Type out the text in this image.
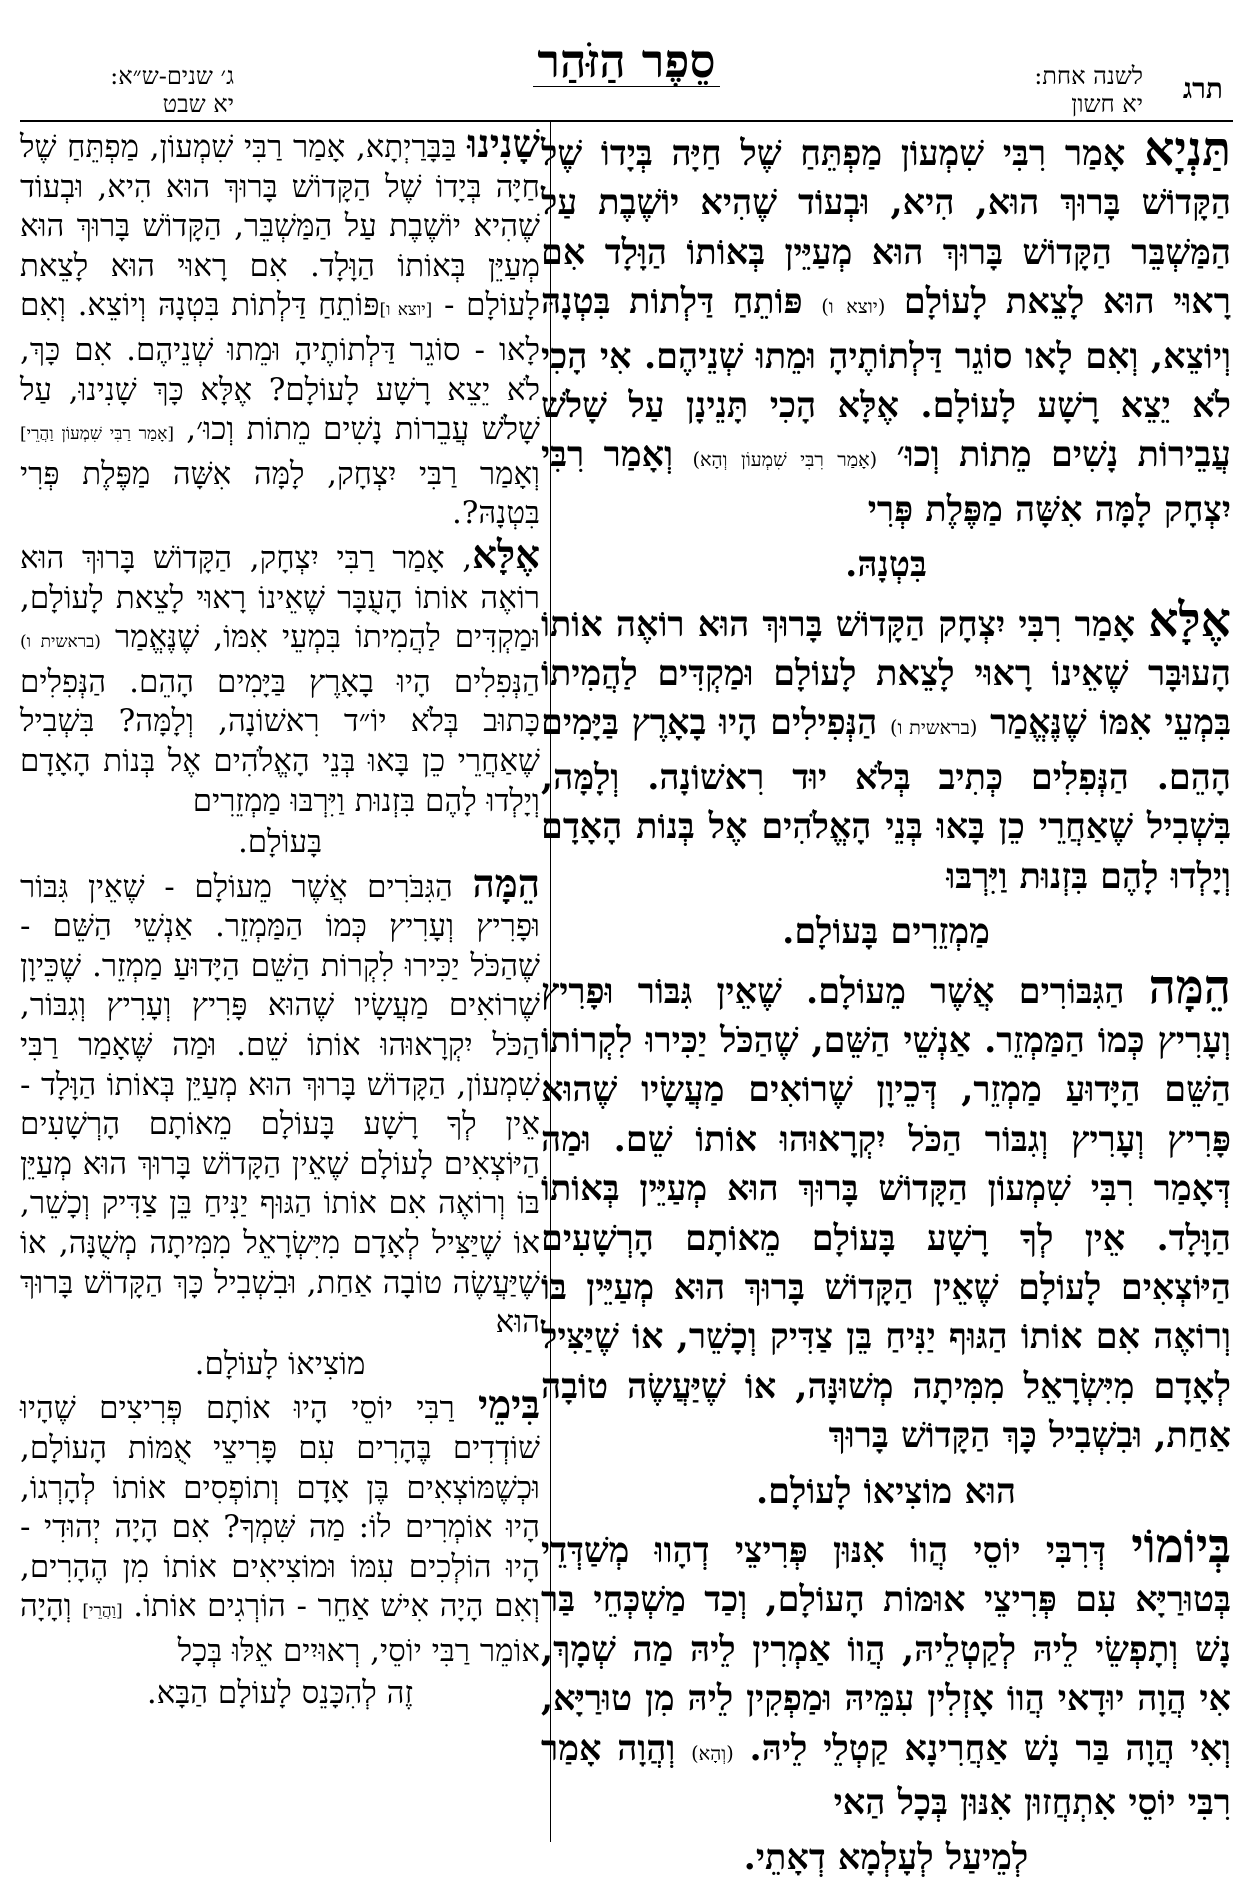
תרג
לשנה אחת:
יא חשון
סֵפֶר הַזֹּהַר
ג׳ שנים-ש״א:
יא שבט

תַּנְיָא אָמַר רִבִּי שִׁמְעוֹן מַפְתֵּחַ שֶׁל חַיָּה בְּיָדוֹ שֶׁל הַקָּדוֹשׁ בָּרוּךְ הוּא, הִיא, וּבְעוֹד שֶׁהִיא יוֹשֶׁבֶת עַל הַמַּשְׁבֵּר הַקָּדוֹשׁ בָּרוּךְ הוּא מְעַיֵּין בְּאוֹתוֹ הַוָּלָד אִם רָאוּי הוּא לָצֵאת לָעוֹלָם (יוצא ו) פּוֹתֵחַ דַּלְתוֹת בִּטְנָהּ וְיוֹצֵא, וְאִם לָאו סוֹגֵר דַּלְתוֹתֶיהָ וּמֵתוּ שְׁנֵיהֶם. אִי הָכִי לֹא יֵצֵא רָשָׁע לָעוֹלָם. אֶלָּא הָכִי תָּנֵינָן עַל שָׁלֹשׁ עֲבֵירוֹת נָשִׁים מֵתוֹת וְכוּ׳ (אָמַר רִבִּי שִׁמְעוֹן וְהָא) וְאָמַר רִבִּי יִצְחָק לָמָּה אִשָּׁה מַפֶּלֶת פְּרִי

בִּטְנָהּ.

אֶלָּא אָמַר רִבִּי יִצְחָק הַקָּדוֹשׁ בָּרוּךְ הוּא רוֹאֶה אוֹתוֹ הָעוּבָּר שֶׁאֵינוֹ רָאוּי לָצֵאת לָעוֹלָם וּמַקְדִּים לַהֲמִיתוֹ בִּמְעֵי אִמּוֹ שֶׁנֶּאֱמַר (בראשית ו) הַנְּפִילִים הָיוּ בָאָרֶץ בַּיָּמִים הָהֵם. הַנְּפִלִים כְּתִיב בְּלֹא יוּד רִאשׁוֹנָה. וְלָמָּה, בִּשְׁבִיל שֶׁאַחֲרֵי כֵן בָּאוּ בְּנֵי הָאֱלֹהִים אֶל בְּנוֹת הָאָדָם וְיָלְדוּ לָהֶם בִּזְנוּת וַיִּרְבּוּ

מַמְזֵרִים בָּעוֹלָם.

הֵמָּה הַגִּבּוֹרִים אֲשֶׁר מֵעוֹלָם. שֶׁאֵין גִּבּוֹר וּפָרִיץ וְעָרִיץ כְּמוֹ הַמַּמְזֵר. אַנְשֵׁי הַשֵּׁם, שֶׁהַכֹּל יַכִּירוּ לִקְרוֹתוֹ הַשֵּׁם הַיָּדוּעַ מַמְזֵר, דְּכֵיוָן שֶׁרוֹאִים מַעֲשָׂיו שֶׁהוּא פָּרִיץ וְעָרִיץ וְגִבּוֹר הַכֹּל יִקְרָאוּהוּ אוֹתוֹ שֵׁם. וּמַה דְּאָמַר רִבִּי שִׁמְעוֹן הַקָּדוֹשׁ בָּרוּךְ הוּא מְעַיֵּין בְּאוֹתוֹ הַוָּלָד. אֵין לְךָ רָשָׁע בָּעוֹלָם מֵאוֹתָם הָרְשָׁעִים הַיּוֹצְאִים לָעוֹלָם שֶׁאֵין הַקָּדוֹשׁ בָּרוּךְ הוּא מְעַיֵּין בּוֹ וְרוֹאֶה אִם אוֹתוֹ הַגּוּף יַנִּיחַ בֵּן צַדִּיק וְכָשֵׁר, אוֹ שֶׁיַּצִּיל לְאָדָם מִיִּשְׂרָאֵל מִמִּיתָה מְשׁוּנָּה, אוֹ שֶׁיַּעֲשֶׂה טוֹבָה אַחַת, וּבִשְׁבִיל כָּךְ הַקָּדוֹשׁ בָּרוּךְ

הוּא מוֹצִיאוֹ לָעוֹלָם.

בְּיוֹמוֹי דְּרִבִּי יוֹסֵי הֲווֹ אִנּוּן פְּרִיצֵי דְהָווּ מְשַׁדְּדֵי בְּטוּרַיָּא עִם פְּרִיצֵי אוּמּוֹת הָעוֹלָם, וְכַד מַשְׁכְּחֵי בַּר נָשׁ וְתָפְשֵׂי לֵיהּ לְקַטְלֵיהּ, הֲווֹ אַמְרִין לֵיהּ מַה שְׁמָךְ, אִי הֲוָה יוּדָאי הֲווֹ אָזְלִין עִמֵּיהּ וּמַפְקִין לֵיהּ מִן טוּרַיָּא, וְאִי הֲוָה בַּר נָשׁ אַחֲרִינָא קַטְלֵי לֵיהּ. (וְהָא) וְהֲוָה אָמַר רִבִּי יוֹסֵי אִתְחֲזוּן אִנּוּן בְּכָל הַאי

לְמֵיעַל לְעָלְמָא דְאָתֵי.

שָׁנִינוּ בַּבָּרַיְתָא, אָמַר רַבִּי שִׁמְעוֹן, מַפְתֵּחַ שֶׁל חַיָּה בְּיָדוֹ שֶׁל הַקָּדוֹשׁ בָּרוּךְ הוּא הִיא, וּבְעוֹד שֶׁהִיא יוֹשֶׁבֶת עַל הַמַּשְׁבֵּר, הַקָּדוֹשׁ בָּרוּךְ הוּא מְעַיֵּן בְּאוֹתוֹ הַוָּלָד. אִם רָאוּי הוּא לָצֵאת לָעוֹלָם - [יוצא ו]פּוֹתֵחַ דַּלְתוֹת בִּטְנָהּ וְיוֹצֵא. וְאִם לָאו - סוֹגֵר דַּלְתוֹתֶיהָ וּמֵתוּ שְׁנֵיהֶם. אִם כָּךְ, לֹא יֵצֵא רָשָׁע לָעוֹלָם? אֶלָּא כָּךְ שָׁנִינוּ, עַל שָׁלֹשׁ עֲבֵרוֹת נָשִׁים מֵתוֹת וְכוּ׳, [אָמַר רַבִּי שִׁמְעוֹן וַהֲרֵי] וְאָמַר רַבִּי יִצְחָק, לָמָּה אִשָּׁה מַפֶּלֶת פְּרִי בִּטְנָהּ?.

אֶלָּא, אָמַר רַבִּי יִצְחָק, הַקָּדוֹשׁ בָּרוּךְ הוּא רוֹאֶה אוֹתוֹ הָעֻבָּר שֶׁאֵינוֹ רָאוּי לָצֵאת לָעוֹלָם, וּמַקְדִּים לַהֲמִיתוֹ בִּמְעֵי אִמּוֹ, שֶׁנֶּאֱמַר (בראשית ו) הַנְּפִלִים הָיוּ בָאָרֶץ בַּיָּמִים הָהֵם. הַנְּפִלִים כָּתוּב בְּלֹא יוֹ״ד רִאשׁוֹנָה, וְלָמָּה? בִּשְׁבִיל שֶׁאַחֲרֵי כֵן בָּאוּ בְּנֵי הָאֱלֹהִים אֶל בְּנוֹת הָאָדָם וְיָלְדוּ לָהֶם בִּזְנוּת וַיִּרְבּוּ מַמְזֵרִים

בָּעוֹלָם.

הֵמָּה הַגִּבֹּרִים אֲשֶׁר מֵעוֹלָם - שֶׁאֵין גִּבּוֹר וּפָרִיץ וְעָרִיץ כְּמוֹ הַמַּמְזֵר. אַנְשֵׁי הַשֵּׁם - שֶׁהַכֹּל יַכִּירוּ לִקְרוֹת הַשֵּׁם הַיָּדוּעַ מַמְזֵר. שֶׁכֵּיוָן שֶׁרוֹאִים מַעֲשָׂיו שֶׁהוּא פָּרִיץ וְעָרִיץ וְגִבּוֹר, הַכֹּל יִקְרָאוּהוּ אוֹתוֹ שֵׁם. וּמַה שֶּׁאָמַר רַבִּי שִׁמְעוֹן, הַקָּדוֹשׁ בָּרוּךְ הוּא מְעַיֵּן בְּאוֹתוֹ הַוָּלָד - אֵין לְךָ רָשָׁע בָּעוֹלָם מֵאוֹתָם הָרְשָׁעִים הַיּוֹצְאִים לָעוֹלָם שֶׁאֵין הַקָּדוֹשׁ בָּרוּךְ הוּא מְעַיֵּן בּוֹ וְרוֹאֶה אִם אוֹתוֹ הַגּוּף יַנִּיחַ בֵּן צַדִּיק וְכָשֵׁר, אוֹ שֶׁיַּצִּיל לְאָדָם מִיִּשְׂרָאֵל מִמִּיתָה מְשֻׁנָּה, אוֹ שֶׁיַּעֲשֶׂה טוֹבָה אַחַת, וּבִשְׁבִיל כָּךְ הַקָּדוֹשׁ בָּרוּךְ הוּא

מוֹצִיאוֹ לָעוֹלָם.

בִּימֵי רַבִּי יוֹסֵי הָיוּ אוֹתָם פְּרִיצִים שֶׁהָיוּ שׁוֹדְדִים בֶּהָרִים עִם פָּרִיצֵי אֻמּוֹת הָעוֹלָם, וּכְשֶׁמּוֹצְאִים בֶּן אָדָם וְתוֹפְסִים אוֹתוֹ לְהָרְגוֹ, הָיוּ אוֹמְרִים לוֹ: מַה שִּׁמְךָ? אִם הָיָה יְהוּדִי - הָיוּ הוֹלְכִים עִמּוֹ וּמוֹצִיאִים אוֹתוֹ מִן הֶהָרִים, וְאִם הָיָה אִישׁ אַחֵר - הוֹרְגִים אוֹתוֹ. [וַהֲרֵי] וְהָיָה אוֹמֵר רַבִּי יוֹסֵי, רְאוּיִים אֵלּוּ בְּכָל

זֶה לְהִכָּנֵס לָעוֹלָם הַבָּא.
